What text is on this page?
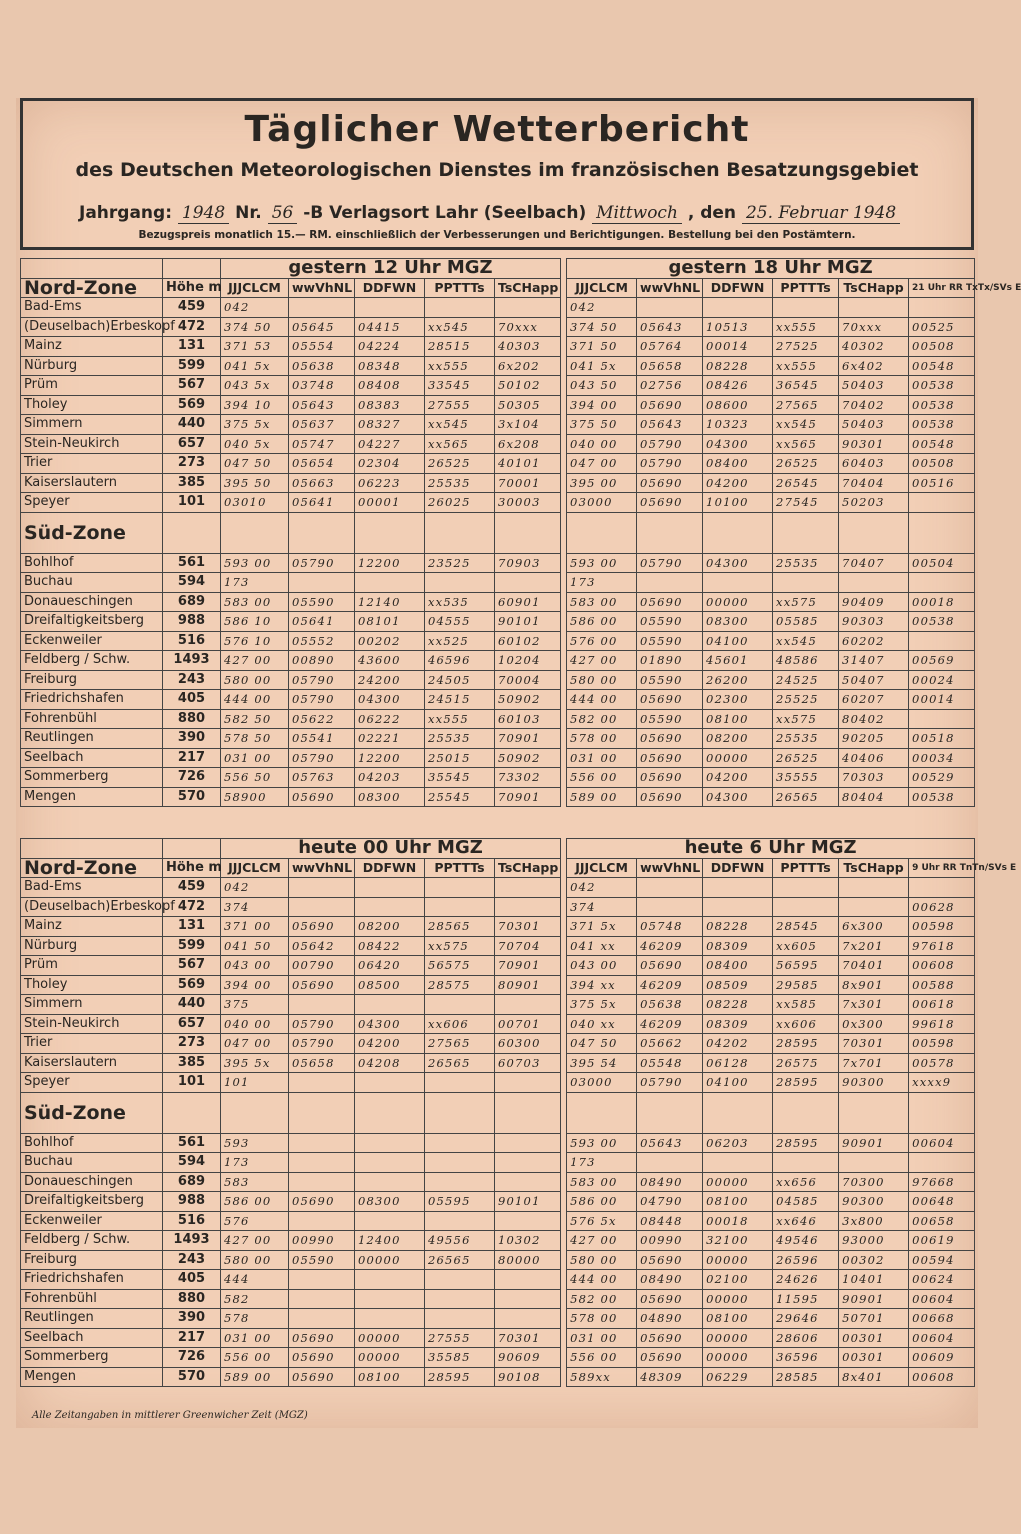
Täglicher Wetterbericht
des Deutschen Meteorologischen Dienstes im französischen Besatzungsgebiet
Jahrgang: 1948 Nr. 56 -B Verlagsort Lahr (Seelbach) Mittwoch , den 25. Februar 1948
Bezugspreis monatlich 15.— RM. einschließlich der Verbesserungen und Berichtigungen. Bestellung bei den Postämtern.
		gestern 12 Uhr MGZ						gestern 18 Uhr MGZ					
Nord-Zone	Höhe m	JJJCLCM	wwVhNL	DDFWN	PPTTTs	TsCHapp		JJJCLCM	wwVhNL	DDFWN	PPTTTs	TsCHapp	21 Uhr RR TxTx/SVs E
Bad-Ems	459	042						042					
(Deuselbach)Erbeskopf	472	374 50	05645	04415	xx545	70xxx		374 50	05643	10513	xx555	70xxx	00525
Mainz	131	371 53	05554	04224	28515	40303		371 50	05764	00014	27525	40302	00508
Nürburg	599	041 5x	05638	08348	xx555	6x202		041 5x	05658	08228	xx555	6x402	00548
Prüm	567	043 5x	03748	08408	33545	50102		043 50	02756	08426	36545	50403	00538
Tholey	569	394 10	05643	08383	27555	50305		394 00	05690	08600	27565	70402	00538
Simmern	440	375 5x	05637	08327	xx545	3x104		375 50	05643	10323	xx545	50403	00538
Stein-Neukirch	657	040 5x	05747	04227	xx565	6x208		040 00	05790	04300	xx565	90301	00548
Trier	273	047 50	05654	02304	26525	40101		047 00	05790	08400	26525	60403	00508
Kaiserslautern	385	395 50	05663	06223	25535	70001		395 00	05690	04200	26545	70404	00516
Speyer	101	03010	05641	00001	26025	30003		03000	05690	10100	27545	50203	
Süd-Zone													
Bohlhof	561	593 00	05790	12200	23525	70903		593 00	05790	04300	25535	70407	00504
Buchau	594	173						173					
Donaueschingen	689	583 00	05590	12140	xx535	60901		583 00	05690	00000	xx575	90409	00018
Dreifaltigkeitsberg	988	586 10	05641	08101	04555	90101		586 00	05590	08300	05585	90303	00538
Eckenweiler	516	576 10	05552	00202	xx525	60102		576 00	05590	04100	xx545	60202	
Feldberg / Schw.	1493	427 00	00890	43600	46596	10204		427 00	01890	45601	48586	31407	00569
Freiburg	243	580 00	05790	24200	24505	70004		580 00	05590	26200	24525	50407	00024
Friedrichshafen	405	444 00	05790	04300	24515	50902		444 00	05690	02300	25525	60207	00014
Fohrenbühl	880	582 50	05622	06222	xx555	60103		582 00	05590	08100	xx575	80402	
Reutlingen	390	578 50	05541	02221	25535	70901		578 00	05690	08200	25535	90205	00518
Seelbach	217	031 00	05790	12200	25015	50902		031 00	05690	00000	26525	40406	00034
Sommerberg	726	556 50	05763	04203	35545	73302		556 00	05690	04200	35555	70303	00529
Mengen	570	58900	05690	08300	25545	70901		589 00	05690	04300	26565	80404	00538
		heute 00 Uhr MGZ						heute 6 Uhr MGZ					
Nord-Zone	Höhe m	JJJCLCM	wwVhNL	DDFWN	PPTTTs	TsCHapp		JJJCLCM	wwVhNL	DDFWN	PPTTTs	TsCHapp	9 Uhr RR TnTn/SVs E
Bad-Ems	459	042						042					
(Deuselbach)Erbeskopf	472	374						374					00628
Mainz	131	371 00	05690	08200	28565	70301		371 5x	05748	08228	28545	6x300	00598
Nürburg	599	041 50	05642	08422	xx575	70704		041 xx	46209	08309	xx605	7x201	97618
Prüm	567	043 00	00790	06420	56575	70901		043 00	05690	08400	56595	70401	00608
Tholey	569	394 00	05690	08500	28575	80901		394 xx	46209	08509	29585	8x901	00588
Simmern	440	375						375 5x	05638	08228	xx585	7x301	00618
Stein-Neukirch	657	040 00	05790	04300	xx606	00701		040 xx	46209	08309	xx606	0x300	99618
Trier	273	047 00	05790	04200	27565	60300		047 50	05662	04202	28595	70301	00598
Kaiserslautern	385	395 5x	05658	04208	26565	60703		395 54	05548	06128	26575	7x701	00578
Speyer	101	101						03000	05790	04100	28595	90300	xxxx9
Süd-Zone													
Bohlhof	561	593						593 00	05643	06203	28595	90901	00604
Buchau	594	173						173					
Donaueschingen	689	583						583 00	08490	00000	xx656	70300	97668
Dreifaltigkeitsberg	988	586 00	05690	08300	05595	90101		586 00	04790	08100	04585	90300	00648
Eckenweiler	516	576						576 5x	08448	00018	xx646	3x800	00658
Feldberg / Schw.	1493	427 00	00990	12400	49556	10302		427 00	00990	32100	49546	93000	00619
Freiburg	243	580 00	05590	00000	26565	80000		580 00	05690	00000	26596	00302	00594
Friedrichshafen	405	444						444 00	08490	02100	24626	10401	00624
Fohrenbühl	880	582						582 00	05690	00000	11595	90901	00604
Reutlingen	390	578						578 00	04890	08100	29646	50701	00668
Seelbach	217	031 00	05690	00000	27555	70301		031 00	05690	00000	28606	00301	00604
Sommerberg	726	556 00	05690	00000	35585	90609		556 00	05690	00000	36596	00301	00609
Mengen	570	589 00	05690	08100	28595	90108		589xx	48309	06229	28585	8x401	00608
Alle Zeitangaben in mittlerer Greenwicher Zeit (MGZ)
